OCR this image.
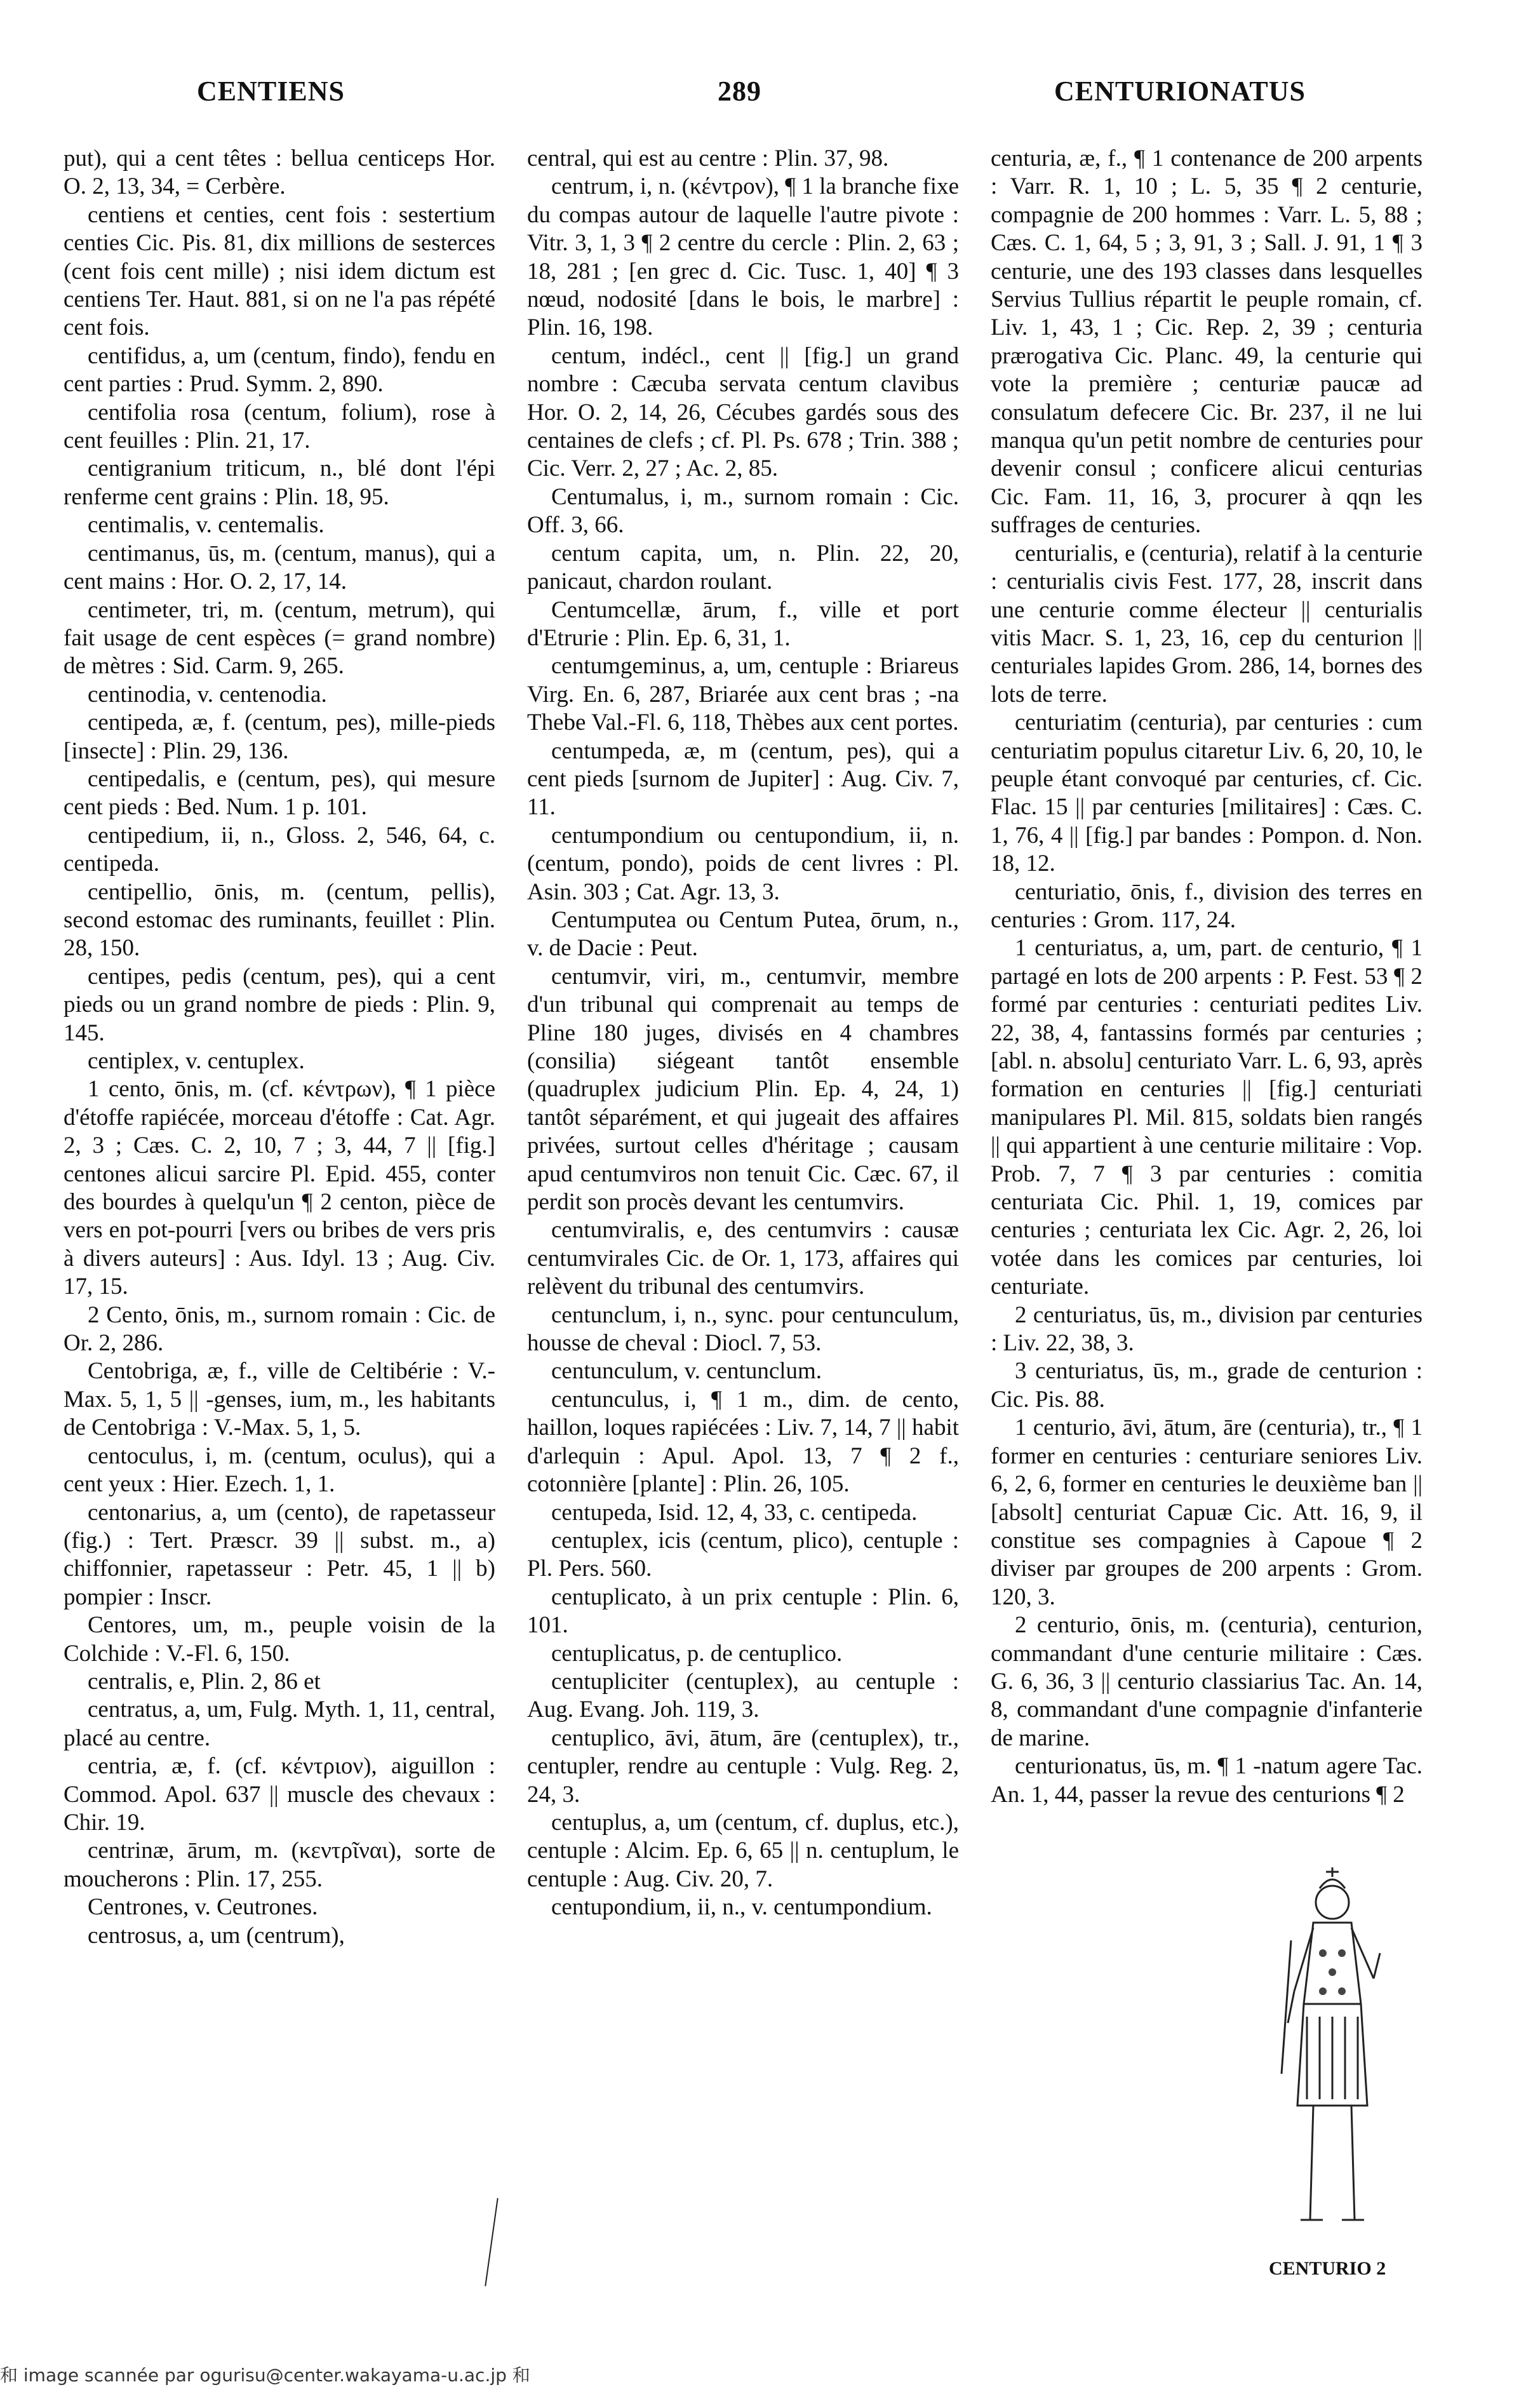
CENTIENS	289	CENTURIONATUS

put), qui a cent têtes : bellua centiceps Hor. O. 2, 13, 34, = Cerbère.

centiens et centies, cent fois : sestertium centies Cic. Pis. 81, dix millions de sesterces (cent fois cent mille) ; nisi idem dictum est centiens Ter. Haut. 881, si on ne l'a pas répété cent fois.

centifidus, a, um (centum, findo), fendu en cent parties : Prud. Symm. 2, 890.

centifolia rosa (centum, folium), rose à cent feuilles : Plin. 21, 17.

centigranium triticum, n., blé dont l'épi renferme cent grains : Plin. 18, 95.

centimalis, v. centemalis.

centimanus, ūs, m. (centum, manus), qui a cent mains : Hor. O. 2, 17, 14.

centimeter, tri, m. (centum, metrum), qui fait usage de cent espèces (= grand nombre) de mètres : Sid. Carm. 9, 265.

centinodia, v. centenodia.

centipeda, æ, f. (centum, pes), mille-pieds [insecte] : Plin. 29, 136.

centipedalis, e (centum, pes), qui mesure cent pieds : Bed. Num. 1 p. 101.

centipedium, ii, n., Gloss. 2, 546, 64, c. centipeda.

centipellio, ōnis, m. (centum, pellis), second estomac des ruminants, feuillet : Plin. 28, 150.

centipes, pedis (centum, pes), qui a cent pieds ou un grand nombre de pieds : Plin. 9, 145.

centiplex, v. centuplex.

1 cento, ōnis, m. (cf. κέντρων), ¶ 1 pièce d'étoffe rapiécée, morceau d'étoffe : Cat. Agr. 2, 3 ; Cæs. C. 2, 10, 7 ; 3, 44, 7 || [fig.] centones alicui sarcire Pl. Epid. 455, conter des bourdes à quelqu'un ¶ 2 centon, pièce de vers en pot-pourri [vers ou bribes de vers pris à divers auteurs] : Aus. Idyl. 13 ; Aug. Civ. 17, 15.

2 Cento, ōnis, m., surnom romain : Cic. de Or. 2, 286.

Centobriga, æ, f., ville de Celtibérie : V.-Max. 5, 1, 5 || -genses, ium, m., les habitants de Centobriga : V.-Max. 5, 1, 5.

centoculus, i, m. (centum, oculus), qui a cent yeux : Hier. Ezech. 1, 1.

centonarius, a, um (cento), de rapetasseur (fig.) : Tert. Præscr. 39 || subst. m., a) chiffonnier, rapetasseur : Petr. 45, 1 || b) pompier : Inscr.

Centores, um, m., peuple voisin de la Colchide : V.-Fl. 6, 150.

centralis, e, Plin. 2, 86 et

centratus, a, um, Fulg. Myth. 1, 11, central, placé au centre.

centria, æ, f. (cf. κέντριον), aiguillon : Commod. Apol. 637 || muscle des chevaux : Chir. 19.

centrinæ, ārum, m. (κεντρῖναι), sorte de moucherons : Plin. 17, 255.

Centrones, v. Ceutrones.

centrosus, a, um (centrum),

central, qui est au centre : Plin. 37, 98.

centrum, i, n. (κέντρον), ¶ 1 la branche fixe du compas autour de laquelle l'autre pivote : Vitr. 3, 1, 3 ¶ 2 centre du cercle : Plin. 2, 63 ; 18, 281 ; [en grec d. Cic. Tusc. 1, 40] ¶ 3 nœud, nodosité [dans le bois, le marbre] : Plin. 16, 198.

centum, indécl., cent || [fig.] un grand nombre : Cæcuba servata centum clavibus Hor. O. 2, 14, 26, Cécubes gardés sous des centaines de clefs ; cf. Pl. Ps. 678 ; Trin. 388 ; Cic. Verr. 2, 27 ; Ac. 2, 85.

Centumalus, i, m., surnom romain : Cic. Off. 3, 66.

centum capita, um, n. Plin. 22, 20, panicaut, chardon roulant.

Centumcellæ, ārum, f., ville et port d'Etrurie : Plin. Ep. 6, 31, 1.

centumgeminus, a, um, centuple : Briareus Virg. En. 6, 287, Briarée aux cent bras ; -na Thebe Val.-Fl. 6, 118, Thèbes aux cent portes.

centumpeda, æ, m (centum, pes), qui a cent pieds [surnom de Jupiter] : Aug. Civ. 7, 11.

centumpondium ou centupondium, ii, n. (centum, pondo), poids de cent livres : Pl. Asin. 303 ; Cat. Agr. 13, 3.

Centumputea ou Centum Putea, ōrum, n., v. de Dacie : Peut.

centumvir, viri, m., centumvir, membre d'un tribunal qui comprenait au temps de Pline 180 juges, divisés en 4 chambres (consilia) siégeant tantôt ensemble (quadruplex judicium Plin. Ep. 4, 24, 1) tantôt séparément, et qui jugeait des affaires privées, surtout celles d'héritage ; causam apud centumviros non tenuit Cic. Cæc. 67, il perdit son procès devant les centumvirs.

centumviralis, e, des centumvirs : causæ centumvirales Cic. de Or. 1, 173, affaires qui relèvent du tribunal des centumvirs.

centunclum, i, n., sync. pour centunculum, housse de cheval : Diocl. 7, 53.

centunculum, v. centunclum.

centunculus, i, ¶ 1 m., dim. de cento, haillon, loques rapiécées : Liv. 7, 14, 7 || habit d'arlequin : Apul. Apol. 13, 7 ¶ 2 f., cotonnière [plante] : Plin. 26, 105.

centupeda, Isid. 12, 4, 33, c. centipeda.

centuplex, icis (centum, plico), centuple : Pl. Pers. 560.

centuplicato, à un prix centuple : Plin. 6, 101.

centuplicatus, p. de centuplico.

centupliciter (centuplex), au centuple : Aug. Evang. Joh. 119, 3.

centuplico, āvi, ātum, āre (centuplex), tr., centupler, rendre au centuple : Vulg. Reg. 2, 24, 3.

centuplus, a, um (centum, cf. duplus, etc.), centuple : Alcim. Ep. 6, 65 || n. centuplum, le centuple : Aug. Civ. 20, 7.

centupondium, ii, n., v. centumpondium.

centuria, æ, f., ¶ 1 contenance de 200 arpents : Varr. R. 1, 10 ; L. 5, 35 ¶ 2 centurie, compagnie de 200 hommes : Varr. L. 5, 88 ; Cæs. C. 1, 64, 5 ; 3, 91, 3 ; Sall. J. 91, 1 ¶ 3 centurie, une des 193 classes dans lesquelles Servius Tullius répartit le peuple romain, cf. Liv. 1, 43, 1 ; Cic. Rep. 2, 39 ; centuria prærogativa Cic. Planc. 49, la centurie qui vote la première ; centuriæ paucæ ad consulatum defecere Cic. Br. 237, il ne lui manqua qu'un petit nombre de centuries pour devenir consul ; conficere alicui centurias Cic. Fam. 11, 16, 3, procurer à qqn les suffrages de centuries.

centurialis, e (centuria), relatif à la centurie : centurialis civis Fest. 177, 28, inscrit dans une centurie comme électeur || centurialis vitis Macr. S. 1, 23, 16, cep du centurion || centuriales lapides Grom. 286, 14, bornes des lots de terre.

centuriatim (centuria), par centuries : cum centuriatim populus citaretur Liv. 6, 20, 10, le peuple étant convoqué par centuries, cf. Cic. Flac. 15 || par centuries [militaires] : Cæs. C. 1, 76, 4 || [fig.] par bandes : Pompon. d. Non. 18, 12.

centuriatio, ōnis, f., division des terres en centuries : Grom. 117, 24.

1 centuriatus, a, um, part. de centurio, ¶ 1 partagé en lots de 200 arpents : P. Fest. 53 ¶ 2 formé par centuries : centuriati pedites Liv. 22, 38, 4, fantassins formés par centuries ; [abl. n. absolu] centuriato Varr. L. 6, 93, après formation en centuries || [fig.] centuriati manipulares Pl. Mil. 815, soldats bien rangés || qui appartient à une centurie militaire : Vop. Prob. 7, 7 ¶ 3 par centuries : comitia centuriata Cic. Phil. 1, 19, comices par centuries ; centuriata lex Cic. Agr. 2, 26, loi votée dans les comices par centuries, loi centuriate.

2 centuriatus, ūs, m., division par centuries : Liv. 22, 38, 3.

3 centuriatus, ūs, m., grade de centurion : Cic. Pis. 88.

1 centurio, āvi, ātum, āre (centuria), tr., ¶ 1 former en centuries : centuriare seniores Liv. 6, 2, 6, former en centuries le deuxième ban || [absolt] centuriat Capuæ Cic. Att. 16, 9, il constitue ses compagnies à Capoue ¶ 2 diviser par groupes de 200 arpents : Grom. 120, 3.

2 centurio, ōnis, m. (centuria), centurion, commandant d'une centurie militaire : Cæs. G. 6, 36, 3 || centurio classiarius Tac. An. 14, 8, commandant d'une compagnie d'infanterie de marine.

centurionatus, ūs, m. ¶ 1 -natum agere Tac. An. 1, 44, passer la revue des centurions ¶ 2

CENTURIO 2
和 image scannée par ogurisu@center.wakayama-u.ac.jp 和
